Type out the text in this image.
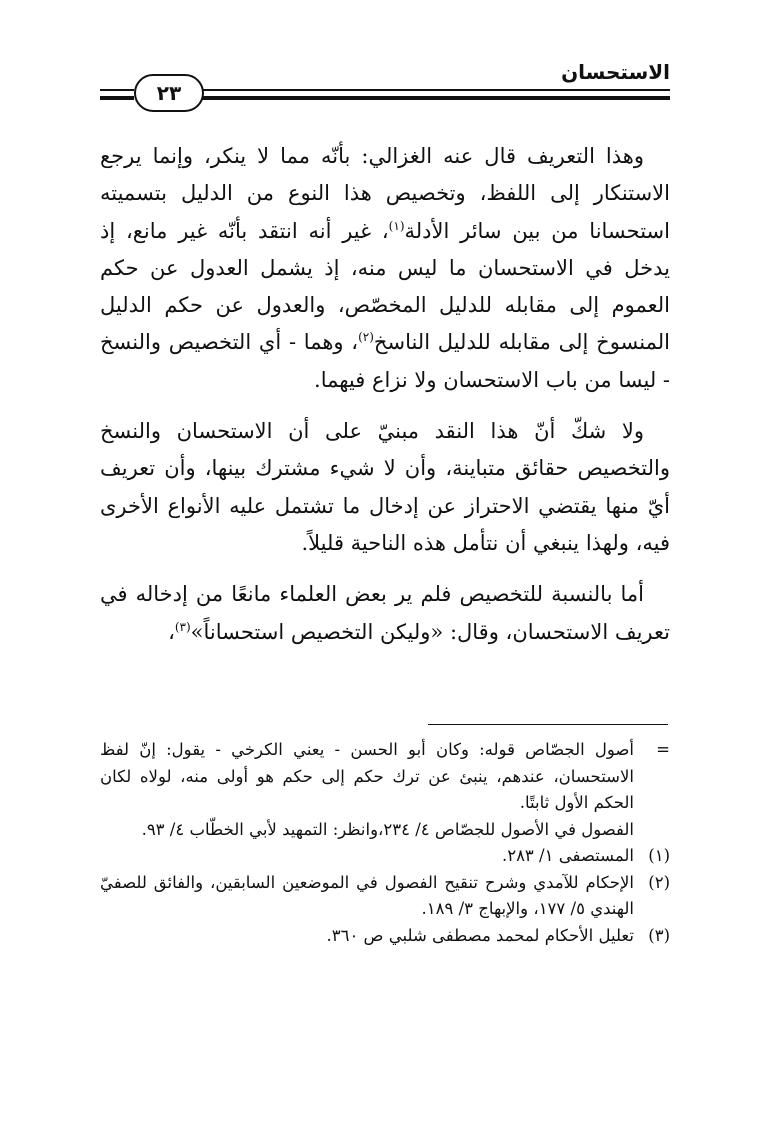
الاستحسان
٢٣

وهذا التعريف قال عنه الغزالي: بأنّه مما لا ينكر، وإنما يرجع الاستنكار إلى اللفظ، وتخصيص هذا النوع من الدليل بتسميته استحسانا من بين سائر الأدلة$^{(١)}$، غير أنه انتقد بأنّه غير مانع، إذ يدخل في الاستحسان ما ليس منه، إذ يشمل العدول عن حكم العموم إلى مقابله للدليل المخصّص، والعدول عن حكم الدليل المنسوخ إلى مقابله للدليل الناسخ$^{(٢)}$، وهما - أي التخصيص والنسخ - ليسا من باب الاستحسان ولا نزاع فيهما.

ولا شكّ أنّ هذا النقد مبنيّ على أن الاستحسان والنسخ والتخصيص حقائق متباينة، وأن لا شيء مشترك بينها، وأن تعريف أيّ منها يقتضي الاحتراز عن إدخال ما تشتمل عليه الأنواع الأخرى فيه، ولهذا ينبغي أن نتأمل هذه الناحية قليلاً.

أما بالنسبة للتخصيص فلم ير بعض العلماء مانعًا من إدخاله في تعريف الاستحسان، وقال: «وليكن التخصيص استحساناً»$^{(٣)}$،

=
أصول الجصّاص قوله: وكان أبو الحسن - يعني الكرخي - يقول: إنّ لفظ الاستحسان، عندهم، ينبئ عن ترك حكم إلى حكم هو أولى منه، لولاه لكان الحكم الأول ثابتًا.
الفصول في الأصول للجصّاص ٤/ ٢٣٤،وانظر: التمهيد لأبي الخطّاب ٤/ ٩٣.
(١)
المستصفى ١/ ٢٨٣.
(٢)
الإحكام للآمدي وشرح تنقيح الفصول في الموضعين السابقين، والفائق للصفيّ الهندي ٥/ ١٧٧، والإبهاج ٣/ ١٨٩.
(٣)
تعليل الأحكام لمحمد مصطفى شلبي ص ٣٦٠.
